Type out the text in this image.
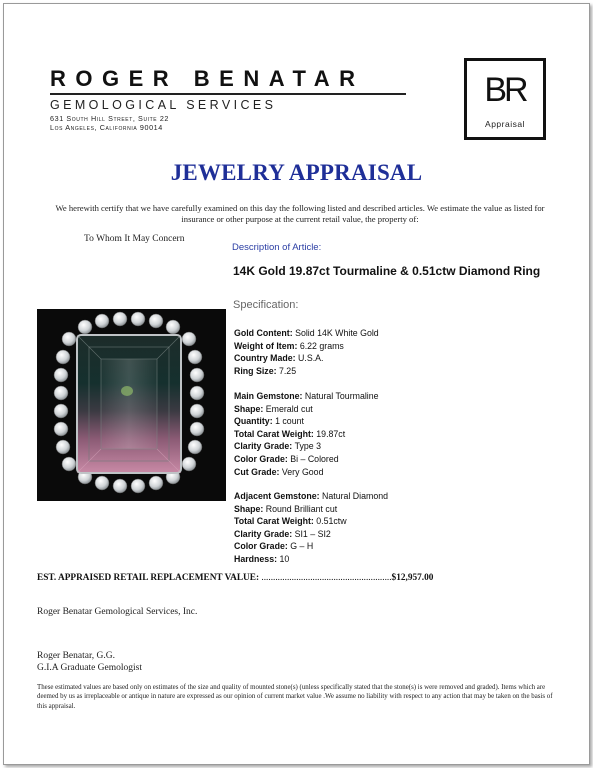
ROGER BENATAR
GEMOLOGICAL SERVICES
631 South Hill Street, Suite 22
Los Angeles, California 90014
BR
Appraisal
JEWELRY APPRAISAL
We herewith certify that we have carefully examined on this day the following listed and described articles. We estimate the value as listed for insurance or other purpose at the current retail value, the property of:
To Whom It May Concern
Description of Article:
14K Gold 19.87ct Tourmaline & 0.51ctw Diamond Ring
Specification:
Gold Content: Solid 14K White Gold
Weight of Item: 6.22 grams
Country Made: U.S.A.
Ring Size: 7.25
Main Gemstone: Natural Tourmaline
Shape: Emerald cut
Quantity: 1 count
Total Carat Weight: 19.87ct
Clarity Grade: Type 3
Color Grade: Bi – Colored
Cut Grade: Very Good
Adjacent Gemstone: Natural Diamond
Shape: Round Brilliant cut
Total Carat Weight: 0.51ctw
Clarity Grade: SI1 – SI2
Color Grade: G – H
Hardness: 10
EST. APPRAISED RETAIL REPLACEMENT VALUE: ........................................................$12,957.00
Roger Benatar Gemological Services, Inc.
Roger Benatar, G.G.
G.I.A Graduate Gemologist
These estimated values are based only on estimates of the size and quality of mounted stone(s) (unless specifically stated that the stone(s) is were removed and graded). Items which are deemed by us as irreplaceable or antique in nature are expressed as our opinion of current market value .We assume no liability with respect to any action that may be taken on the basis of this appraisal.
